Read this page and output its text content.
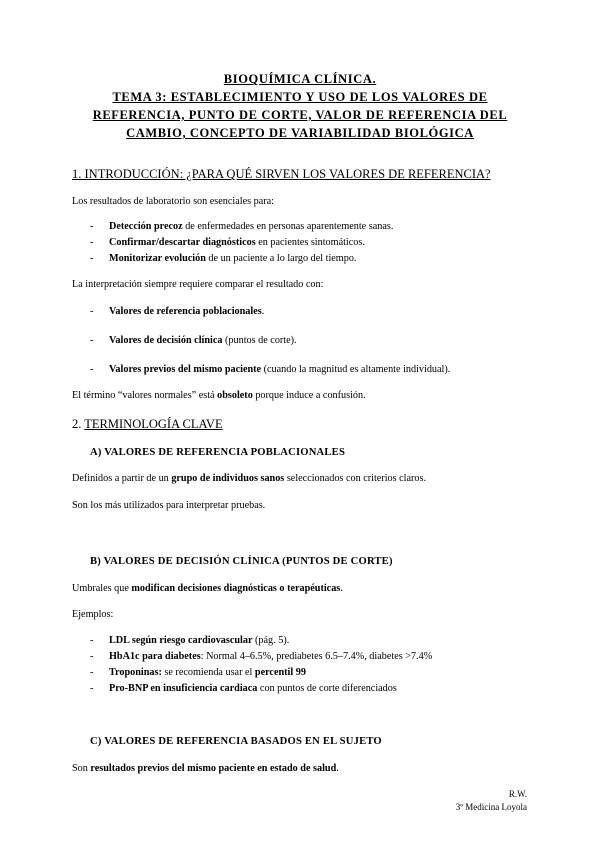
BIOQUÍMICA CLÍNICA.
TEMA 3: ESTABLECIMIENTO Y USO DE LOS VALORES DE
REFERENCIA, PUNTO DE CORTE, VALOR DE REFERENCIA DEL
CAMBIO, CONCEPTO DE VARIABILIDAD BIOLÓGICA
1. INTRODUCCIÓN: ¿PARA QUÉ SIRVEN LOS VALORES DE REFERENCIA?
Los resultados de laboratorio son esenciales para:
- Detección precoz de enfermedades en personas aparentemente sanas.
- Confirmar/descartar diagnósticos en pacientes sintomáticos.
- Monitorizar evolución de un paciente a lo largo del tiempo.
La interpretación siempre requiere comparar el resultado con:
- Valores de referencia poblacionales.
- Valores de decisión clínica (puntos de corte).
- Valores previos del mismo paciente (cuando la magnitud es altamente individual).
El término “valores normales” está obsoleto porque induce a confusión.
2. TERMINOLOGÍA CLAVE
A) VALORES DE REFERENCIA POBLACIONALES
Definidos a partir de un grupo de individuos sanos seleccionados con criterios claros.
Son los más utilizados para interpretar pruebas.
B) VALORES DE DECISIÓN CLÍNICA (PUNTOS DE CORTE)
Umbrales que modifican decisiones diagnósticas o terapéuticas.
Ejemplos:
- LDL según riesgo cardiovascular (pág. 5).
- HbA1c para diabetes: Normal 4–6.5%, prediabetes 6.5–7.4%, diabetes >7.4%
- Troponinas: se recomienda usar el percentil 99
- Pro-BNP en insuficiencia cardiaca con puntos de corte diferenciados
C) VALORES DE REFERENCIA BASADOS EN EL SUJETO
Son resultados previos del mismo paciente en estado de salud.
R.W.
3º Medicina Loyola
